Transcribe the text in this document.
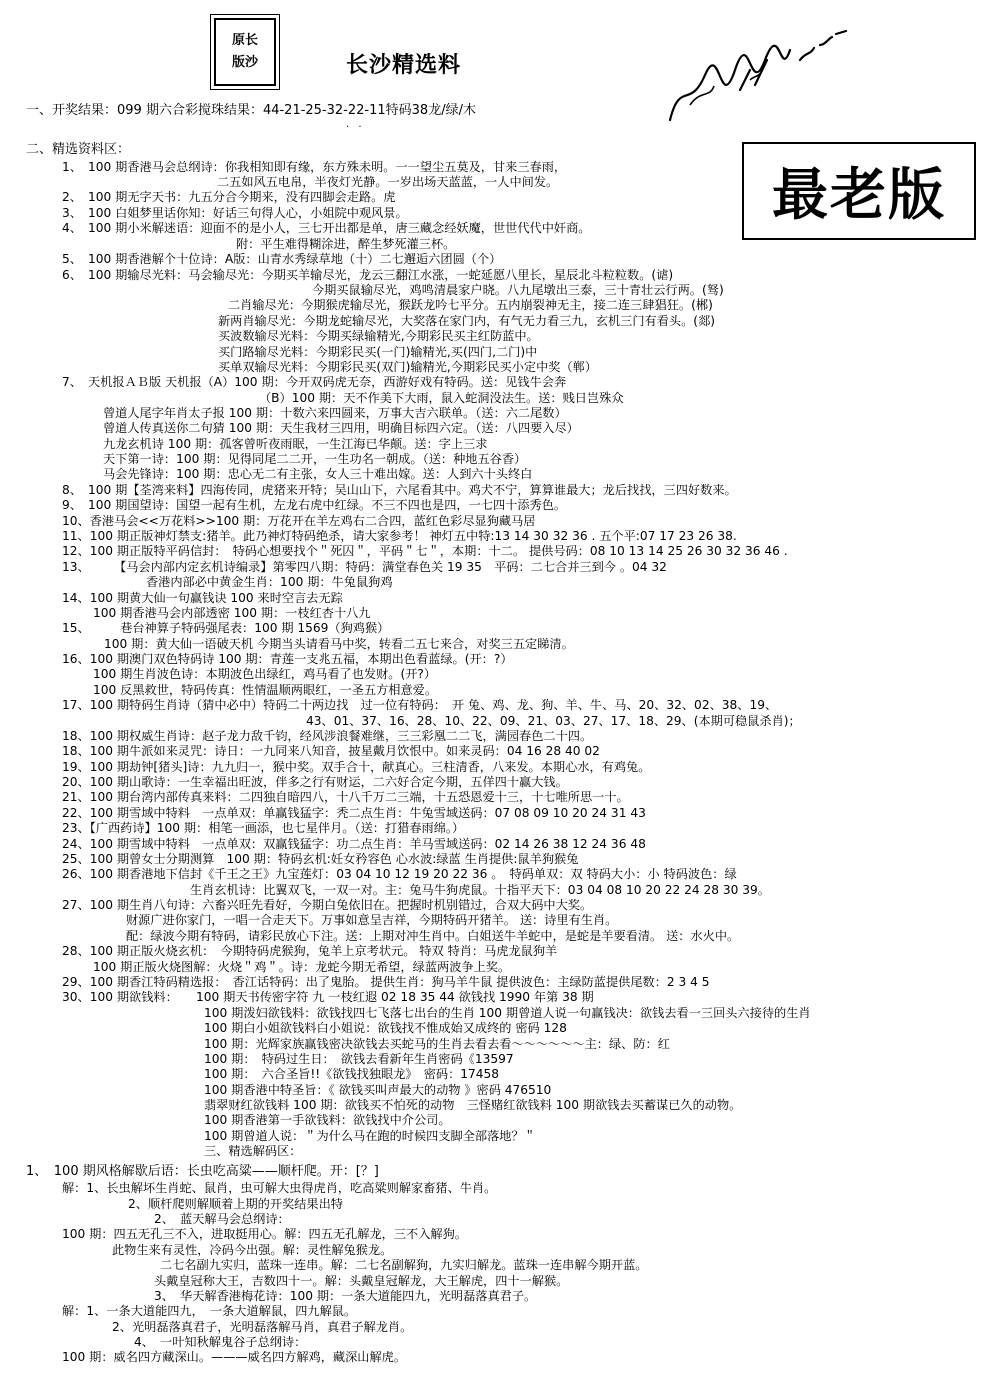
原长
版沙	长沙精选料
最老版
· ·
一、开奖结果：099 期六合彩搅珠结果：44-21-25-32-22-11特码38龙/绿/木
二、精选资料区：
1、　100 期香港马会总纲诗：你我相知即有缘，东方殊未明。一一望尘五莫及，甘来三春雨，
二五如风五电帛，半夜灯光静。一岁出场天蓝蓝，一人中间发。
2、　100 期无字天书：九五分合今期来，没有四脚会走路。虎
3、　100 白姐梦里话你知：好话三句得人心，小姐院中观风景。
4、　100 期小米解迷语：迎面不的是小人，三七开出都是单，唐三藏念经妖魔，世世代代中奸商。
附：平生难得糊涂进，醉生梦死灌三杯。
5、　100 期香港解个十位诗：A版：山青水秀绿草地（十）二七邂逅六团圆（个）
6、　100 期输尽光料：马会输尽光：今期买羊输尽光，龙云三翻江水涨，一蛇延愿八里长，星辰北斗粒粒数。(谑)
今期买鼠输尽光，鸡鸣清晨家户晓。八九尾墩出三泰，三十青壮云行两。(驽)
二肖输尽光：今期猴虎输尽光，猴跃龙吟七平分。五内崩裂神无主，接二连三肆猖狂。(郴)
新两肖输尽光：今期龙蛇输尽光，大奖落在家门内，有气无力看三九，玄机三门有看头。(郯)
买波数输尽光料：今期买绿输精光,今期彩民买主红防蓝中。
买门路输尽光料：今期彩民买(一门)输精光,买(四门,二门)中
买单双输尽光料：今期彩民买(双门)输精光,今期彩民买小定中奖（郸）
7、　天机报ＡＢ版 天机报（A）100 期：今开双码虎无奈，西游好戏有特码。送：见钱牛会奔
（B）100 期：天不作美下大雨，鼠入蛇洞没法生。送：贱日岂殊众
曾道人尾字年肖太子报 100 期：十数六来四圆来，万事大吉六联单。（送：六二尾数）
曾道人传真送你二句猜 100 期：天生我材三四用，明确目标四六定。（送：八四要入尽）
九龙玄机诗 100 期：孤客曾听夜雨眠，一生江海已华颠。送：字上三求
天下第一诗：100 期：见得同尾二二开，一生功名一朝成。（送：种地五谷香）
马会先锋诗：100 期：忠心无二有主张，女人三十难出嫁。送：人到六十头终白
8、　100 期【荃湾来料】四海传同，虎猪来开特；吴山山下，六尾看其中。鸡犬不宁，算算谁最大；龙后找找，三四好数来。
9、　100 期国望诗：国望一起有生机，左龙右虎中红绿。不三不四也是四，一七四十添秀色。
10、香港马会<<万花料>>100 期：万花开在羊左鸡右二合四，蓝红色彩尽显狗藏马居
11、100 期正版神灯禁支:猪羊。此乃神灯特码绝杀，请大家参考！ 神灯五中特:13 14 30 32 36 . 五个平:07 17 23 26 38.
12、100 期正版特平码信封：　特码心想要找个＂死囚＂，平码＂七＂，本期：十二。 提供号码：08 10 13 14 25 26 30 32 36 46 .
13、　　　【马会内部内定玄机诗编录】第零四八期：特码：满堂春色关 19 35　平码：二七合并三到今 。04 32
香港内部必中黄金生肖：100 期：牛兔鼠狗鸡
14、100 期黄大仙一句赢钱诀 100 来时空言去无踪
100 期香港马会内部透密 100 期：一枝红杏十八九
15、　　　巷台神算子特码强尾表：100 期 1569（狗鸡猴）
100 期：黄大仙一语破天机 今期当头请看马中奖，转看二五七来合，对奖三五定睇清。
16、100 期澳门双色特码诗 100 期：青莲一支兆五福，本期出色看蓝绿。(开：?）
100 期生肖波色诗：本期波色出绿红，鸡马看了也发财。(开?）
100 反黑救世，特码传真：性情温顺两眼红，一圣五方相意爱。
17、100 期特码生肖诗（猜中必中）特码二十两边找　过一位有特码：　开 兔、鸡、龙、狗、羊、牛、马、20、32、02、38、19、
43、01、37、16、28、10、22、09、21、03、27、17、18、29、(本期可稳鼠杀肖)；
18、100 期权威生肖诗：赵子龙力敌千钧，经风涉浪餐难继，三三彩凰二二飞，满园春色二十四。
18、100 期牛派如来灵咒：诗日：一九同来八知音，披星戴月饮恨中。如来灵码：04 16 28 40 02
19、100 期劫钟[猪头]诗：九九归一，猴中奖。双手合十，献真心。三柱清香，八来发。本期心水，有鸡兔。
20、100 期山歌诗：一生幸福出旺波，伴多之行有财运，二六好合定今期，五佯四十赢大钱。
21、100 期台湾内部传真来料：二四独自暗四八，十八千万二三端，十五恐恩爱十三，十七唯所思一十。
22、100 期雪域中特料　一点单双：单赢钱猛字：秃二点生肖：牛兔雪域送码：07 08 09 10 20 24 31 43
23、【广西药诗】100 期：相笔一画添，也七星伴月。（送：打猎春雨绵。）
24、100 期雪域中特料　一点单双：双赢钱猛字：功二点生肖：羊马雪域送码：02 14 26 38 12 24 36 48
25、100 期曾女士分期测算　100 期：特码玄机:妊女矜容色 心水波:绿蓝 生肖提供:鼠羊狗猴兔
26、100 期香港地下信封《千王之王》九宝莲灯：03 04 10 12 19 20 22 36 。　特码单双：双 特码大小：小 特码波色：绿
生肖玄机诗：比翼双飞，一双一对。主：兔马牛狗虎鼠。十指平天下：03 04 08 10 20 22 24 28 30 39。
27、100 期生肖八句诗：六畜兴旺先看好，今期白兔依旧在。把握时机别错过，合双大码中大奖。
财源广进你家门，一唱一合走天下。万事如意呈吉祥，今期特码开猪羊。 送：诗里有生肖。
配：绿波今期有特码，请彩民放心下注。送：上期对冲生肖中。白姐送牛羊蛇中，是蛇是羊要看清。 送：水火中。
28、100 期正版火烧玄机：　今期特码虎猴狗，兔羊上京考状元。 特双 特肖：马虎龙鼠狗羊
100 期正版火烧图解：火烧＂鸡＂。诗：龙蛇今期无希望，绿蓝两波争上奖。
29、100 期香江特码精选报：　香江话特码：出了鬼胎。 提供生肖：狗马羊牛鼠 提供波色：主绿防蓝提供尾数：2 3 4 5
30、100 期欲钱料：　　100 期天书传密字符 九 一枝红遐 02 18 35 44 欲钱找 1990 年第 38 期
100 期泼妇欲钱料：欲钱找四七飞落七出台的生肖 100 期曾道人说一句赢钱决：欲钱去看一三回头六接待的生肖
100 期白小姐欲钱料白小姐说：欲钱找不惟成始又成终的 密码 128
100 期：光辉家族赢钱密决欲钱去买蛇马的生肖去看去看～～～～～～主：绿、防：红
100 期：　特码过生日：　欲钱去看新年生肖密码《13597
100 期：　六合圣旨!!《欲钱找独眼龙》　密码：17458
100 期香港中特圣旨：《 欲钱买叫声最大的动物 》密码 476510
翡翠财红欲钱料 100 期：欲钱买不怕死的动物　三怪赌红欲钱料 100 期欲钱去买蓄谋已久的动物。
100 期香港第一手欲钱料：欲钱找中介公司。
100 期曾道人说：＂为什么马在跑的时候四支脚全部落地？＂
三、精选解码区：
1、　100 期风格解歇后语：长虫吃高粱——顺杆爬。开：[？]
解：1、长虫解坏生肖蛇、鼠肖，虫可解大虫得虎肖，吃高粱则解家畜猪、牛肖。
2、顺杆爬则解顺着上期的开奖结果出特
2、　蓝天解马会总纲诗：
100 期：四五无孔三不入，进取挺用心。解：四五无孔解龙，三不入解狗。
此物生来有灵性，冷码今出强。解：灵性解兔猴龙。
二七名副九实归，蓝珠一连串。解：二七名副解狗，九实归解龙。蓝珠一连串解今期开蓝。
头戴皇冠称大王，吉数四十一。解：头戴皇冠解龙，大王解虎，四十一解猴。
3、　华天解香港梅花诗：100 期：一条大道能四九，光明磊落真君子。
解：1、一条大道能四九，　一条大道解鼠，四九解鼠。
2、光明磊落真君子，光明磊落解马肖，真君子解龙肖。
4、　一叶知秋解鬼谷子总纲诗：
100 期：威名四方藏深山。———威名四方解鸡，藏深山解虎。
